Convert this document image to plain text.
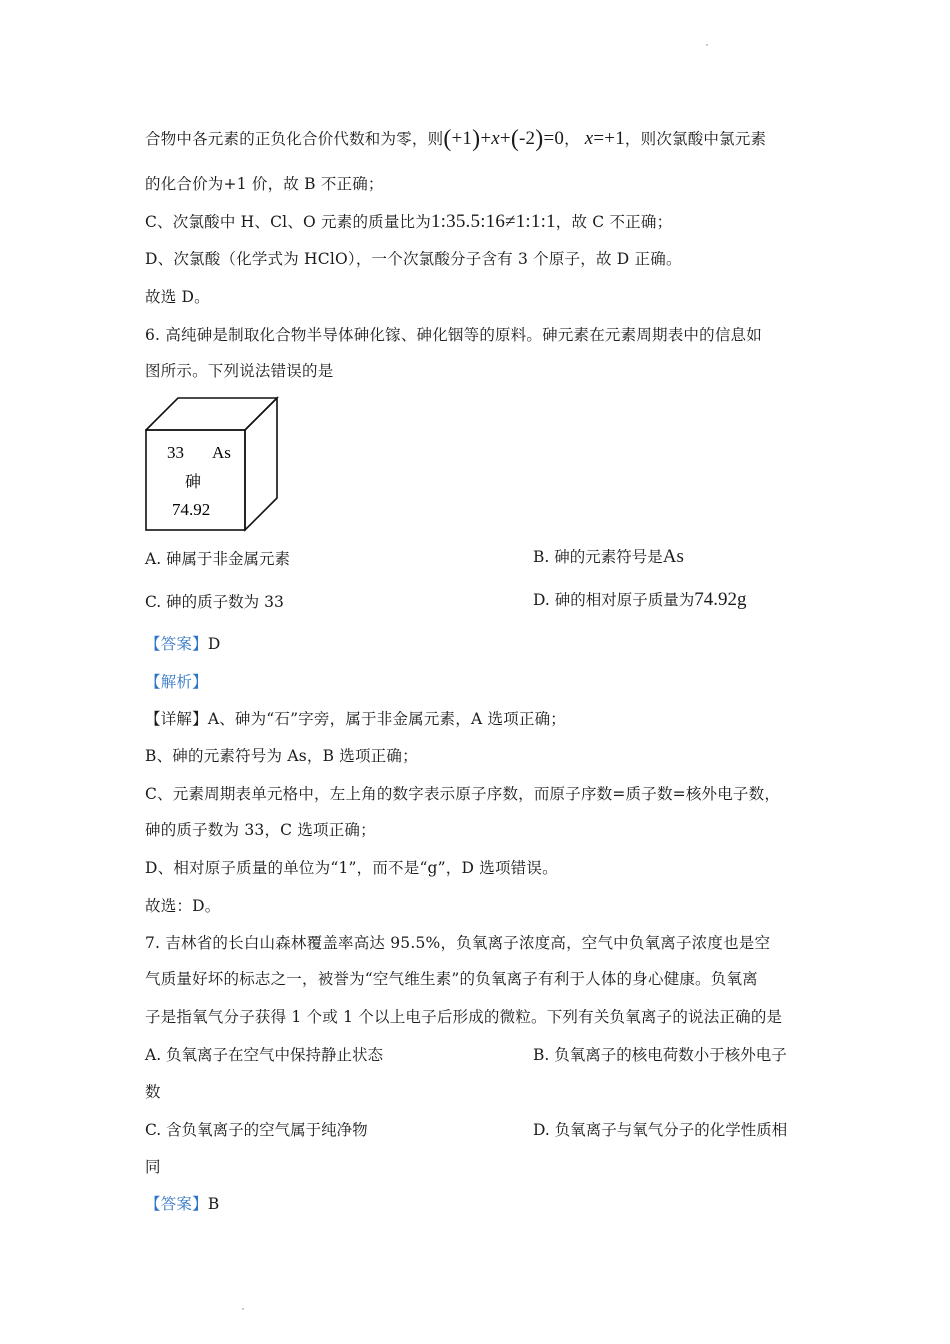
合物中各元素的正负化合价代数和为零，则(+1)+x+(-2)=0， x=+1，则次氯酸中氯元素
的化合价为+1 价，故 B 不正确；
C、次氯酸中 H、Cl、O 元素的质量比为1:35.5:16≠1:1:1，故 C 不正确；
D、次氯酸（化学式为 HClO），一个次氯酸分子含有 3 个原子，故 D 正确。
故选 D。
6. 高纯砷是制取化合物半导体砷化镓、砷化铟等的原料。砷元素在元素周期表中的信息如
图所示。下列说法错误的是
33 As
砷
74.92
A. 砷属于非金属元素	B. 砷的元素符号是As
C. 砷的质子数为 33	D. 砷的相对原子质量为74.92g
【答案】D
【解析】
【详解】A、砷为“石”字旁，属于非金属元素，A 选项正确；
B、砷的元素符号为 As，B 选项正确；
C、元素周期表单元格中，左上角的数字表示原子序数，而原子序数=质子数=核外电子数，
砷的质子数为 33，C 选项正确；
D、相对原子质量的单位为“1”，而不是“g”，D 选项错误。
故选：D。
7. 吉林省的长白山森林覆盖率高达 95.5%，负氧离子浓度高，空气中负氧离子浓度也是空
气质量好坏的标志之一，被誉为“空气维生素”的负氧离子有利于人体的身心健康。负氧离
子是指氧气分子获得 1 个或 1 个以上电子后形成的微粒。下列有关负氧离子的说法正确的是
A. 负氧离子在空气中保持静止状态	B. 负氧离子的核电荷数小于核外电子
数
C. 含负氧离子的空气属于纯净物	D. 负氧离子与氧气分子的化学性质相
同
【答案】B
